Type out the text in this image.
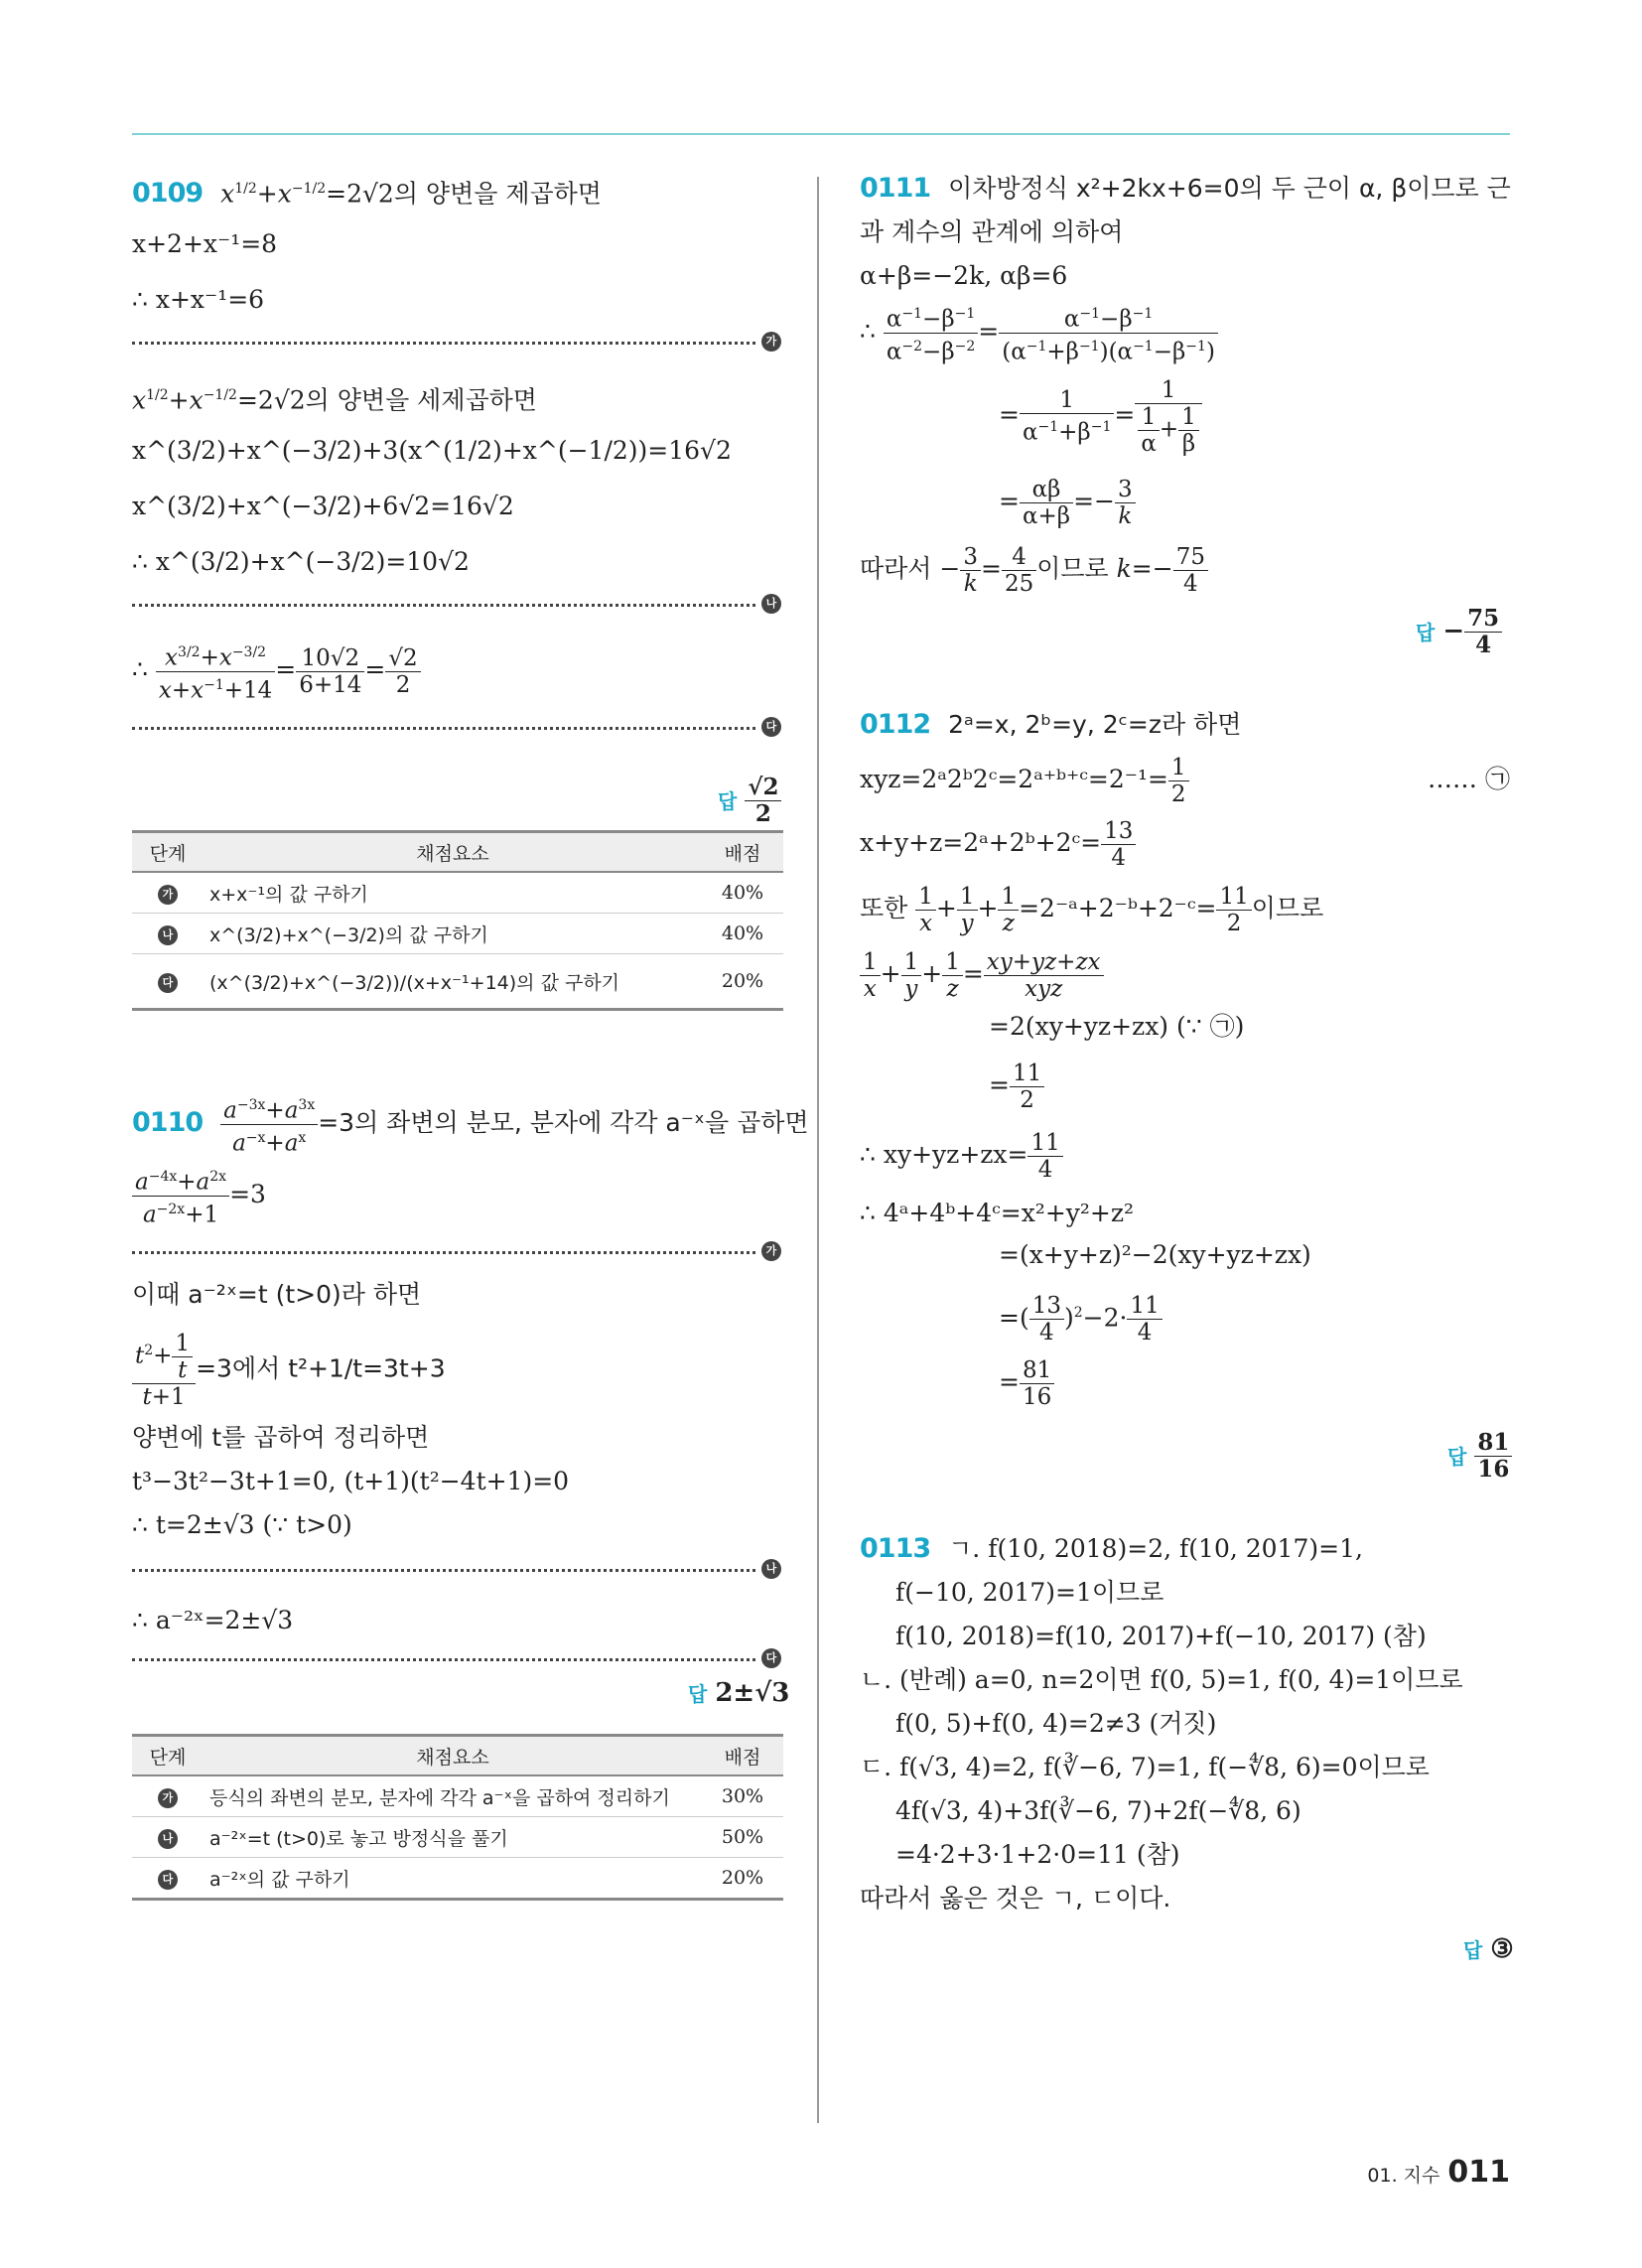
0109 $x^{1/2}+x^{-1/2}=2√2$의 양변을 제곱하면
x+2+x⁻¹=8
∴ x+x⁻¹=6
가
$x^{1/2}+x^{-1/2}=2√2$의 양변을 세제곱하면
x^(3/2)+x^(−3/2)+3(x^(1/2)+x^(−1/2))=16√2
x^(3/2)+x^(−3/2)+6√2=16√2
∴ x^(3/2)+x^(−3/2)=10√2
나
∴ $\frac{x^{3/2}+x^{-3/2}}{x+x^{-1}+14} = \frac{10√2}{6+14} = \frac{√2}{2}$
다
답 $\frac{√2}{2}$
단계	채점요소	배점
가	x+x⁻¹의 값 구하기	40%
나	x^(3/2)+x^(−3/2)의 값 구하기	40%
다	(x^(3/2)+x^(−3/2))/(x+x⁻¹+14)의 값 구하기	20%
$0110 \frac{a^{-3x}+a^{3x}}{a^{-x}+a^x} =3$의 좌변의 분모, 분자에 각각 a⁻ˣ을 곱하면
$\frac{a^{-4x}+a^{2x}}{a^{-2x}+1} =3$
가
이때 a⁻²ˣ=t (t>0)라 하면
$\frac{t^2+ \frac{1}{t}}{t+1} =3$에서 t²+1/t=3t+3
양변에 t를 곱하여 정리하면
t³−3t²−3t+1=0, (t+1)(t²−4t+1)=0
∴ t=2±√3 (∵ t>0)
나
∴ a⁻²ˣ=2±√3
다
답 2±√3
단계	채점요소	배점
가	등식의 좌변의 분모, 분자에 각각 a⁻ˣ을 곱하여 정리하기	30%
나	a⁻²ˣ=t (t>0)로 놓고 방정식을 풀기	50%
다	a⁻²ˣ의 값 구하기	20%
0111 이차방정식 x²+2kx+6=0의 두 근이 α, β이므로 근
과 계수의 관계에 의하여
α+β=−2k, αβ=6
∴ $\frac{\alpha^{-1}-\beta^{-1}}{\alpha^{-2}-\beta^{-2}} = \frac{\alpha^{-1}-\beta^{-1}}{(\alpha^{-1}+\beta^{-1})(\alpha^{-1}-\beta^{-1})}$
= $\frac{1}{\alpha^{-1}+\beta^{-1}} = \frac{1}{\frac{1}{\alpha} + \frac{1}{\beta}}$
= $\frac{\alpha\beta}{\alpha+\beta} =- \frac{3}{k}$
따라서 − $\frac{3}{k} = \frac{4}{25}$ 이므로 $k=- \frac{75}{4}$
답 − $\frac{75}{4}$
0112 2ᵃ=x, 2ᵇ=y, 2ᶜ=z라 하면
xyz=2ᵃ2ᵇ2ᶜ=2ᵃ⁺ᵇ⁺ᶜ=2⁻¹= $\frac{1}{2}$	…… ㉠
x+y+z=2ᵃ+2ᵇ+2ᶜ= $\frac{13}{4}$
또한 $\frac{1}{x} + \frac{1}{y} + \frac{1}{z}$ =2⁻ᵃ+2⁻ᵇ+2⁻ᶜ= $\frac{11}{2}$ 이므로
$\frac{1}{x} + \frac{1}{y} + \frac{1}{z} = \frac{xy+yz+zx}{\text{xyz}}$
=2(xy+yz+zx) (∵ ㉠)
= $\frac{11}{2}$
∴ $xy+yz+zx= \frac{11}{4}$
∴ 4ᵃ+4ᵇ+4ᶜ=x²+y²+z²
=(x+y+z)²−2(xy+yz+zx)
=( $\frac{13}{4} )^2-2\cdot \frac{11}{4}$
= $\frac{81}{16}$
답 $\frac{81}{16}$
0113 ㄱ. f(10, 2018)=2, f(10, 2017)=1,
f(−10, 2017)=1이므로
f(10, 2018)=f(10, 2017)+f(−10, 2017) (참)
ㄴ. (반례) a=0, n=2이면 f(0, 5)=1, f(0, 4)=1이므로
f(0, 5)+f(0, 4)=2≠3 (거짓)
ㄷ. f(√3, 4)=2, f(∛−6, 7)=1, f(−∜8, 6)=0이므로
4f(√3, 4)+3f(∛−6, 7)+2f(−∜8, 6)
=4·2+3·1+2·0=11 (참)
따라서 옳은 것은 ㄱ, ㄷ이다.
답 ③
01. 지수 011
